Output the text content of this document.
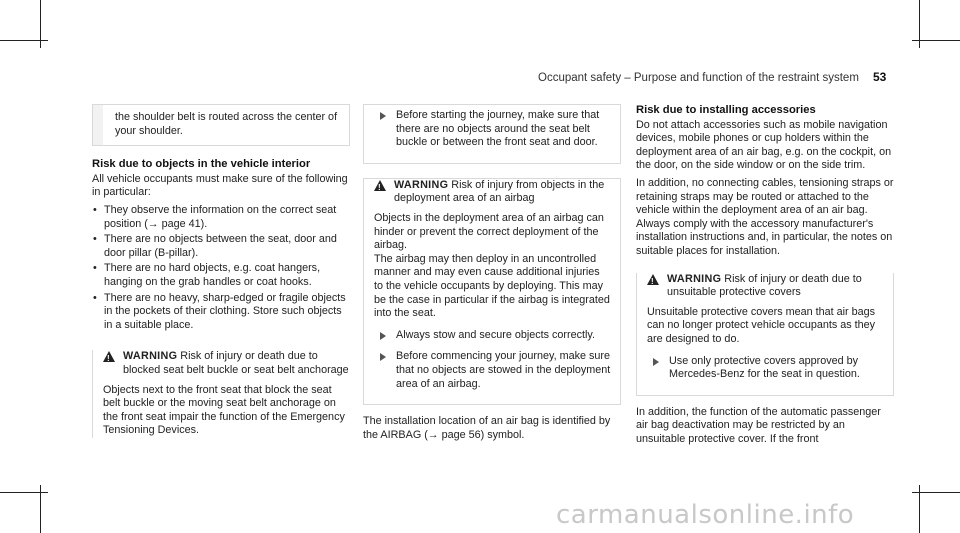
Occupant safety – Purpose and function of the restraint system	53

the shoulder belt is routed across the center of your shoulder.

Risk due to objects in the vehicle interior

All vehicle occupants must make sure of the following in particular:

• They observe the information on the correct seat position (→ page 41).
• There are no objects between the seat, door and door pillar (B-pillar).
• There are no hard objects, e.g. coat hangers, hanging on the grab handles or coat hooks.
• There are no heavy, sharp-edged or fragile objects in the pockets of their clothing. Store such objects in a suitable place.
!
WARNING Risk of injury or death due to blocked seat belt buckle or seat belt anchorage

Objects next to the front seat that block the seat belt buckle or the moving seat belt anchorage on the front seat impair the function of the Emergency Tensioning Devices.

Before starting the journey, make sure that there are no objects around the seat belt buckle or between the front seat and door.
!
WARNING Risk of injury from objects in the deployment area of an airbag

Objects in the deployment area of an airbag can hinder or prevent the correct deployment of the airbag.

The airbag may then deploy in an uncontrolled manner and may even cause additional injuries to the vehicle occupants by deploying. This may be the case in particular if the airbag is integrated into the seat.

Always stow and secure objects correctly.
Before commencing your journey, make sure that no objects are stowed in the deployment area of an airbag.

The installation location of an air bag is identified by the AIRBAG (→ page 56) symbol.

Risk due to installing accessories

Do not attach accessories such as mobile navigation devices, mobile phones or cup holders within the deployment area of an air bag, e.g. on the cockpit, on the door, on the side window or on the side trim.

In addition, no connecting cables, tensioning straps or retaining straps may be routed or attached to the vehicle within the deployment area of an air bag. Always comply with the accessory manufacturer's installation instructions and, in particular, the notes on suitable places for installation.

!
WARNING Risk of injury or death due to unsuitable protective covers

Unsuitable protective covers mean that air bags can no longer protect vehicle occupants as they are designed to do.

Use only protective covers approved by Mercedes-Benz for the seat in question.

In addition, the function of the automatic passenger air bag deactivation may be restricted by an unsuitable protective cover. If the front

carmanualsonline.info
